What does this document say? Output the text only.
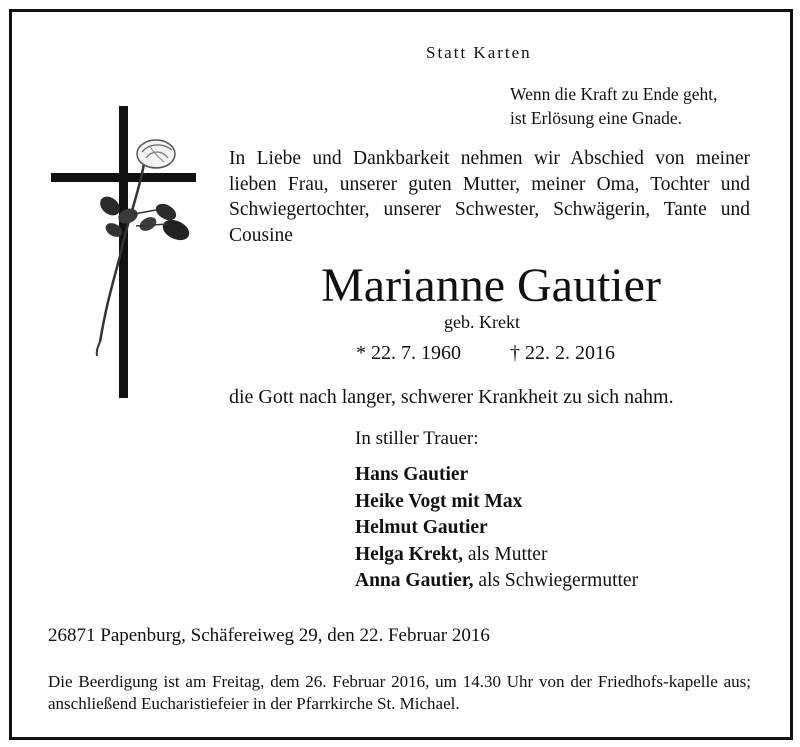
Statt Karten
Wenn die Kraft zu Ende geht,
ist Erlösung eine Gnade.
In Liebe und Dankbarkeit nehmen wir Abschied von meiner lieben Frau, unserer guten Mutter, meiner Oma, Tochter und Schwiegertochter, unserer Schwester, Schwägerin, Tante und Cousine
Marianne Gautier
geb. Krekt
* 22. 7. 1960 † 22. 2. 2016
die Gott nach langer, schwerer Krankheit zu sich nahm.
In stiller Trauer:
Hans Gautier
Heike Vogt mit Max
Helmut Gautier
Helga Krekt, als Mutter
Anna Gautier, als Schwiegermutter
26871 Papenburg, Schäfereiweg 29, den 22. Februar 2016
Die Beerdigung ist am Freitag, dem 26. Februar 2016, um 14.30 Uhr von der Friedhofs-kapelle aus; anschließend Eucharistiefeier in der Pfarrkirche St. Michael.
